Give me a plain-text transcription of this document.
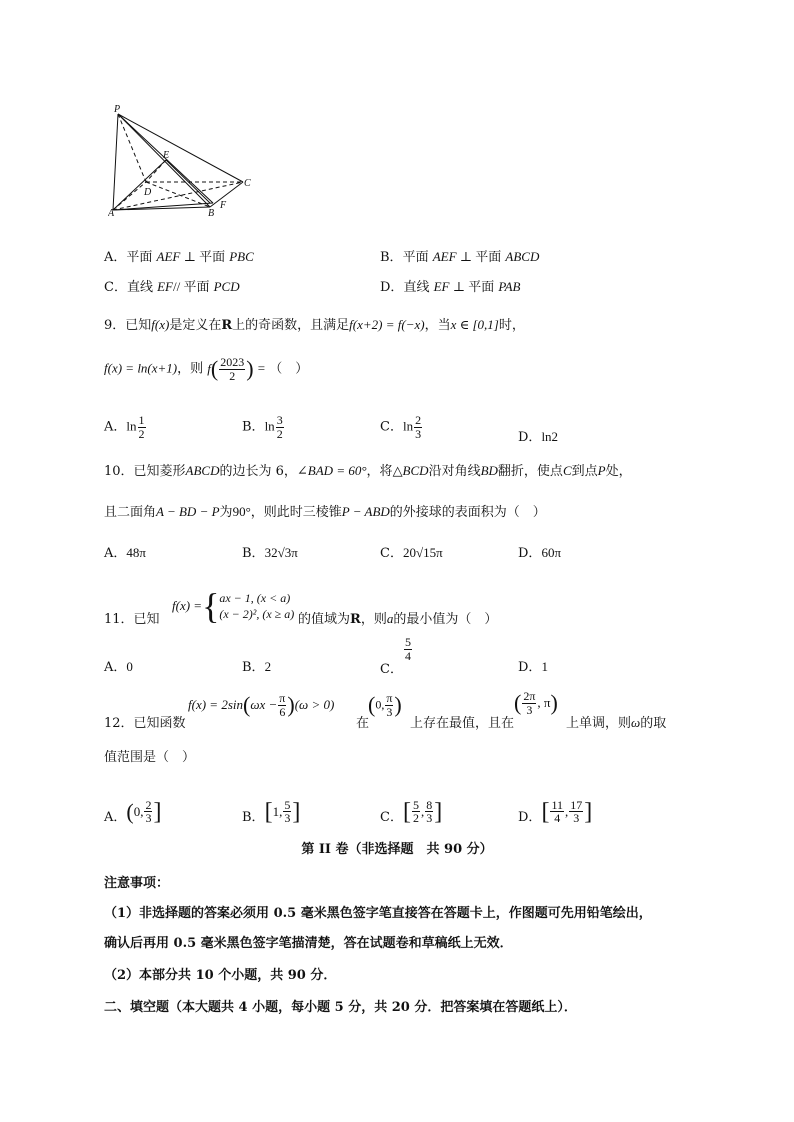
P
E
D
C
A	B
F
A．平面 AEF ⊥ 平面 PBC	B．平面 AEF ⊥ 平面 ABCD
C．直线 EF// 平面 PCD	D．直线 EF ⊥ 平面 PAB
9．已知f(x)是定义在R上的奇函数，且满足f(x+2) = f(−x)，当x ∈ [0,1]时，
f(x) = ln(x+1)，则 $f( \frac{2023}{2}$ ) = （　）
A．$\ln \frac{1}{2}$	B．$\ln \frac{3}{2}$	C．$\ln \frac{2}{3}$	D．ln2
10．已知菱形ABCD的边长为 6，∠BAD = 60°，将△BCD沿对角线BD翻折，使点C到点P处，
且二面角A − BD − P为90°，则此时三棱锥P − ABD的外接球的表面积为（　）
A．48π	B．32√3π	C．20√15π	D．60π
11．已知
f(x) ={ ax − 1, (x < a)
(x − 2)², (x ≥ a) 的值域为R，则a的最小值为（　）
A．0	B．2	C．
$\frac{5}{4}$
D．1
12．已知函数
$f(x) = 2\sin(\omega x - \frac{\pi}{6} )(\omega > 0)$
在
(0, $\frac{\pi}{3}$ )
上存在最值，且在
( $\frac{2\pi}{3}$ , π)
上单调，则ω的取
值范围是（　）
A．(0, $\frac{2}{3}$ ]	B．[1, $\frac{5}{3}$ ]	C．[ $\frac{5}{2}$ , $\frac{8}{3}$ ]	D．[ $\frac{11}{4}$ , $\frac{17}{3}$ ]
第 II 卷（非选择题　共 90 分）
注意事项：
（1）非选择题的答案必须用 0.5 毫米黑色签字笔直接答在答题卡上，作图题可先用铅笔绘出，
确认后再用 0.5 毫米黑色签字笔描清楚，答在试题卷和草稿纸上无效．
（2）本部分共 10 个小题，共 90 分．
二、填空题（本大题共 4 小题，每小题 5 分，共 20 分．把答案填在答题纸上）．
